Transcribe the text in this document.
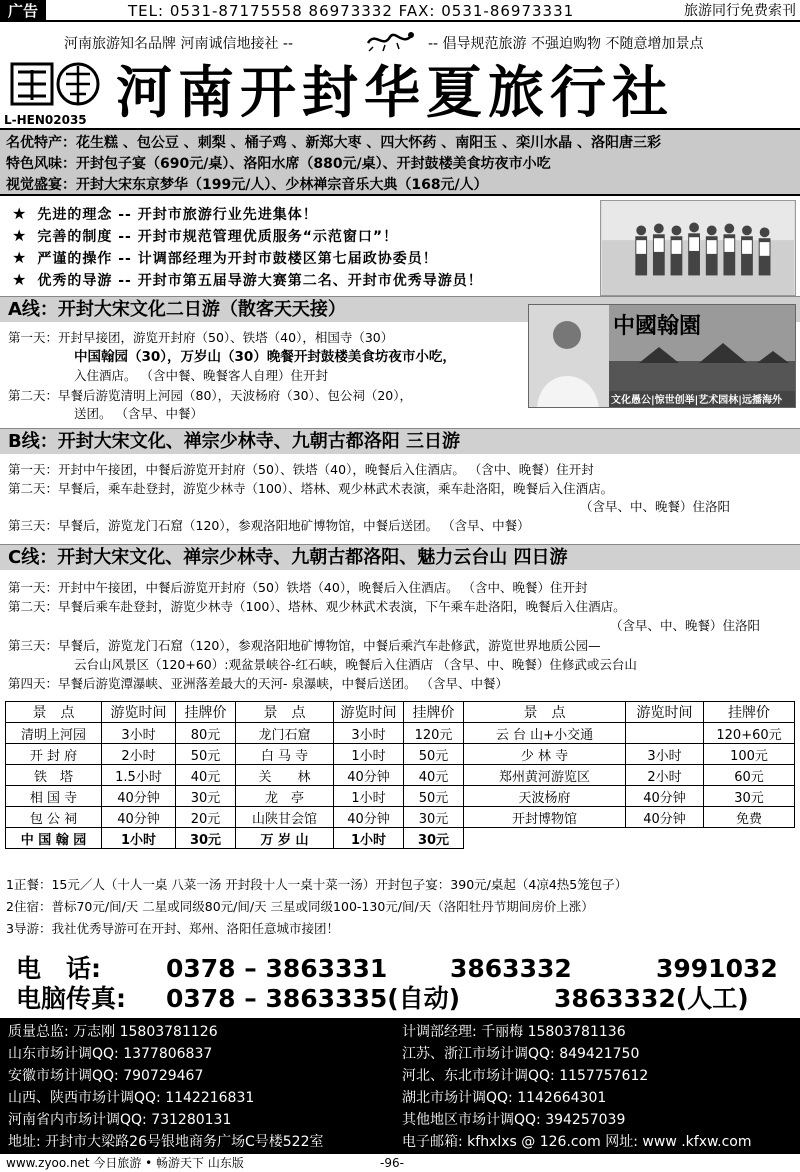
广告	TEL: 0531-87175558 86973332 FAX: 0531-86973331	旅游同行免费索刊
河南旅游知名品牌 河南诚信地接社 --	-- 倡导规范旅游 不强迫购物 不随意增加景点
L-HEN02035 河南开封华夏旅行社
名优特产：花生糕 、包公豆 、刺梨 、桶子鸡 、新郑大枣 、四大怀药 、南阳玉 、栾川水晶 、洛阳唐三彩
特色风味：开封包子宴（690元/桌）、洛阳水席（880元/桌）、开封鼓楼美食坊夜市小吃
视觉盛宴：开封大宋东京梦华（199元/人）、少林禅宗音乐大典（168元/人）
★ 先进的理念 -- 开封市旅游行业先进集体！
★ 完善的制度 -- 开封市规范管理优质服务“示范窗口”！
★ 严谨的操作 -- 计调部经理为开封市鼓楼区第七届政协委员！
★ 优秀的导游 -- 开封市第五届导游大赛第二名、开封市优秀导游员！
A线：开封大宋文化二日游（散客天天接）
第一天：开封早接团，游览开封府（50）、铁塔（40），相国寺（30）
中国翰园（30），万岁山（30）晚餐开封鼓楼美食坊夜市小吃，
入住酒店。 （含中餐、晚餐客人自理）住开封
第二天：早餐后游览清明上河园（80），天波杨府（30）、包公祠（20），
送团。 （含早、中餐）
中國翰園
文化愚公|惊世创举|艺术园林|远播海外
B线：开封大宋文化、禅宗少林寺、九朝古都洛阳 三日游
第一天：开封中午接团，中餐后游览开封府（50）、铁塔（40），晚餐后入住酒店。 （含中、晚餐）住开封
第二天：早餐后，乘车赴登封，游览少林寺（100）、塔林、观少林武术表演，乘车赴洛阳，晚餐后入住酒店。
（含早、中、晚餐）住洛阳
第三天：早餐后，游览龙门石窟（120），参观洛阳地矿博物馆，中餐后送团。 （含早、中餐）
C线：开封大宋文化、禅宗少林寺、九朝古都洛阳、魅力云台山 四日游
第一天：开封中午接团，中餐后游览开封府（50）铁塔（40），晚餐后入住酒店。 （含中、晚餐）住开封
第二天：早餐后乘车赴登封，游览少林寺（100）、塔林、观少林武术表演，下午乘车赴洛阳，晚餐后入住酒店。
（含早、中、晚餐）住洛阳
第三天：早餐后，游览龙门石窟（120），参观洛阳地矿博物馆，中餐后乘汽车赴修武，游览世界地质公园—
云台山风景区（120+60）:观盆景峡谷-红石峡，晚餐后入住酒店 （含早、中、晚餐）住修武或云台山
第四天：早餐后游览潭瀑峡、亚洲落差最大的天河- 泉瀑峡，中餐后送团。 （含早、中餐）
景　点	游览时间	挂牌价	景　点	游览时间	挂牌价	景　点	游览时间	挂牌价
清明上河园	3小时	80元	龙门石窟	3小时	120元	云 台 山+小交通		120+60元
开 封 府	2小时	50元	白 马 寺	1小时	50元	少 林 寺	3小时	100元
铁　塔	1.5小时	40元	关　　林	40分钟	40元	郑州黄河游览区	2小时	60元
相 国 寺	40分钟	30元	龙　亭	1小时	50元	天波杨府	40分钟	30元
包 公 祠	40分钟	20元	山陕甘会馆	40分钟	30元	开封博物馆	40分钟	免费
中 国 翰 园	1小时	30元	万 岁 山	1小时	30元			
1正餐：15元／人（十人一桌 八菜一汤 开封段十人一桌十菜一汤）开封包子宴：390元/桌起（4凉4热5笼包子）
2住宿：普标70元/间/天 二星或同级80元/间/天 三星或同级100-130元/间/天（洛阳牡丹节期间房价上涨）
3导游：我社优秀导游可在开封、郑州、洛阳任意城市接团！
电　话:	0378 – 3863331	3863332	3991032
电脑传真: 0378 – 3863335(自动)	3863332(人工)
质量总监: 万志刚 15803781126
山东市场计调QQ: 1377806837
安徽市场计调QQ: 790729467
山西、陕西市场计调QQ: 1142216831
河南省内市场计调QQ: 731280131
地址: 开封市大梁路26号银地商务广场C号楼522室
计调部经理: 千丽梅 15803781136
江苏、浙江市场计调QQ: 849421750
河北、东北市场计调QQ: 1157757612
湖北市场计调QQ: 1142664301
其他地区市场计调QQ: 394257039
电子邮箱: kfhxlxs @ 126.com 网址: www .kfxw.com
www.zyoo.net 今日旅游 • 畅游天下 山东版	-96-
